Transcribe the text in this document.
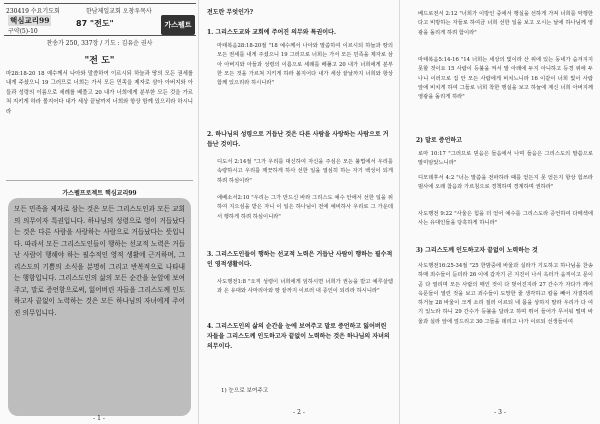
230419 수요기도회	한남제일교회 오창우목사
핵심교리99
구약(5)-10
87 "전도"	가스펠트
찬송가 250, 337장 / 기도 : 김유순 권사
"전 도"
마28:18-20 18 예수께서 나아와 말씀하여 이르시되 하늘과 땅의 모든 권세를 내게 주셨으니 19 그러므로 너희는 가서 모든 민족을 제자로 삼아 아버지와 아들과 성령의 이름으로 세례를 베풀고 20 내가 너희에게 분부한 모든 것을 가르쳐 지키게 하라 볼지어다 내가 세상 끝날까지 너희와 항상 함께 있으리라 하시니라
가스펠프로젝트 핵심교리99
모든 민족을 제자로 삼는 것은 모든 그리스도인과 모든 교회의 의무이자 특권입니다. 하나님의 성령으로 영이 거듭났다는 것은 다른 사람을 사랑하는 사람으로 거듭났다는 뜻입니다. 따라서 모든 그리스도인들이 행하는 선교적 노력은 거듭난 사람이 행해야 하는 필수적인 영적 생활에 근거하며, 그리스도의 기쁨의 소식을 분명히 그리고 반복적으로 나타내는 행함입니다. 그리스도인의 삶의 모든 순간을 눈앞에 보여주고, 말로 증언함으로써, 잃어버린 자들을 그리스도께 인도하고자 끝없이 노력하는 것은 모든 하나님의 자녀에게 주어진 의무입니다.
- 1 -
전도란 무엇인가?
1. 그리스도교와 교회에 주어진 의무와 특권이다.
마태복음28:18-20절 "18 예수께서 나아와 말씀하여 이르시되 하늘과 땅의 모든 권세를 내게 주셨으니 19 그러므로 너희는 가서 모든 민족을 제자로 삼아 아버지와 아들과 성령의 이름으로 세례를 베풀고 20 내가 너희에게 분부한 모든 것을 가르쳐 지키게 하라 볼지어다 내가 세상 끝날까지 너희와 항상 함께 있으리라 하시니라"
2. 하나님의 성령으로 거듭난 것은 다른 사람을 사랑하는 사람으로 거듭난 것이다.
디도서 2:14절 "그가 우리를 대신하여 자신을 주심은 모든 불법에서 우리를 속량하시고 우리를 깨끗하게 하사 선한 일을 열심히 하는 자기 백성이 되게 하려 하심이라"
에베소서2:10 "우리는 그가 만드신 바라 그리스도 예수 안에서 선한 일을 위하여 지으심을 받은 자니 이 일은 하나님이 전에 예비하사 우리로 그 가운데서 행하게 하려 하심이니라"
3. 그리스도인들이 행하는 선교적 노력은 거듭난 사람이 행하는 필수적인 영적생활이다.
사도행전1:8 "오직 성령이 너희에게 임하시면 너희가 권능을 받고 예루살렘과 온 유대와 사마리아와 땅 끝까지 이르러 내 증인이 되리라 하시니라"
4. 그리스도인의 삶의 순간을 눈에 보여주고 말로 증언하고 잃어버린 자들을 그리스도께 인도하고자 끝없이 노력하는 것은 하나님의 자녀의 의무이다.
1) 눈으로 보여주고
- 2 -
베드로전서 2:12 "너희가 이방인 중에서 행실을 선하게 가져 너희를 악행한다고 비방하는 자들로 하여금 너희 선한 일을 보고 오시는 날에 하나님께 영광을 돌리게 하려 함이라"
마태복음5:14-16 "14 너희는 세상의 빛이라 산 위에 있는 동네가 숨겨지지 못할 것이요 15 사람이 등불을 켜서 말 아래에 두지 아니하고 등경 위에 두나니 이러므로 집 안 모든 사람에게 비치느니라 16 이같이 너희 빛이 사람 앞에 비치게 하여 그들로 너희 착한 행실을 보고 하늘에 계신 너희 아버지께 영광을 돌리게 하라"
2) 말로 증언하고
로마 10:17 "그러므로 믿음은 들음에서 나며 들음은 그리스도의 말씀으로 말미암았느니라"
디모데후서 4:2 "너는 말씀을 전파하라 때를 얻든지 못 얻든지 항상 힘쓰라 범사에 오래 참음과 가르침으로 경책하며 경계하며 권하라"
사도행전 9:22 "사울은 힘을 더 얻어 예수를 그리스도라 증언하여 다메섹에 사는 유대인들을 당혹하게 하니라"
3) 그리스도께 인도하고자 끝없이 노력하는 것
사도행전16:25-34절 "25 한밤중에 바울과 실라가 기도하고 하나님을 찬송하매 죄수들이 듣더라 26 이에 갑자기 큰 지진이 나서 옥터가 움직이고 문이 곧 다 열리며 모든 사람의 매인 것이 다 벗어진지라 27 간수가 자다가 깨어 옥문들이 열린 것을 보고 죄수들이 도망한 줄 생각하고 칼을 빼어 자결하려 하거늘 28 바울이 크게 소리 질러 이르되 네 몸을 상하지 말라 우리가 다 여기 있노라 하니 29 간수가 등불을 달라고 하며 뛰어 들어가 무서워 떨며 바울과 실라 앞에 엎드리고 30 그들을 데리고 나가 이르되 선생들이여
- 3 -
